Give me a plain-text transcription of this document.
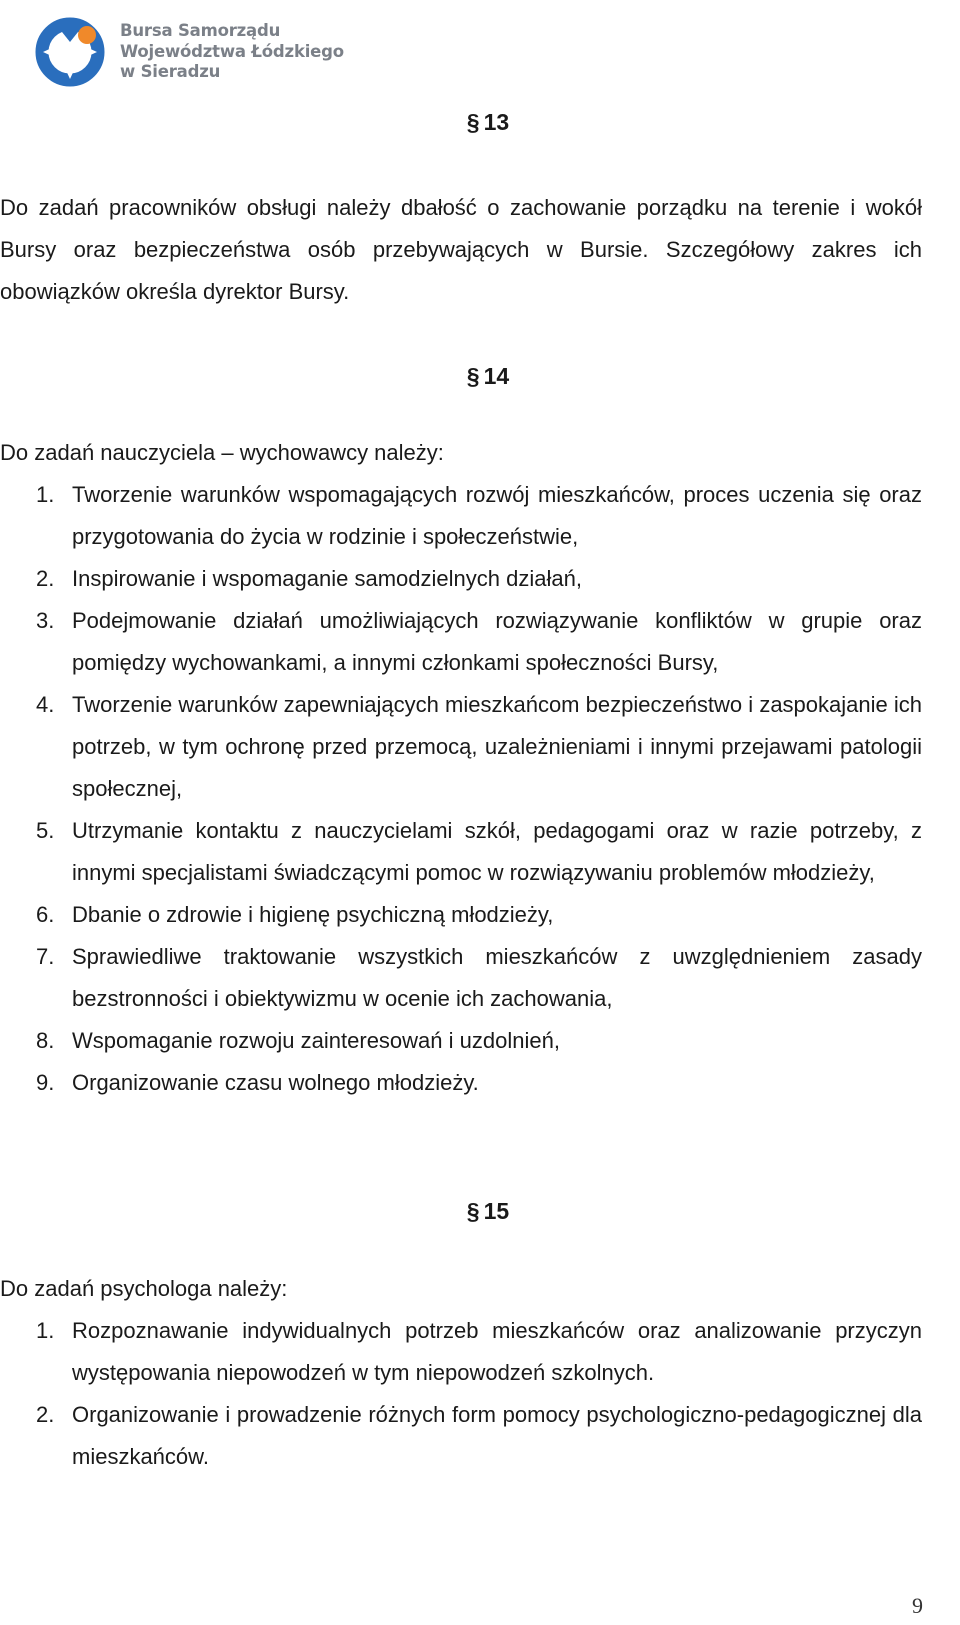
Bursa Samorządu
Województwa Łódzkiego
w Sieradzu
§ 13

Do zadań pracowników obsługi należy dbałość o zachowanie porządku na terenie i wokół Bursy oraz bezpieczeństwa osób przebywających w Bursie. Szczegółowy zakres ich obowiązków określa dyrektor Bursy.

§ 14

Do zadań nauczyciela – wychowawcy należy:

1. Tworzenie warunków wspomagających rozwój mieszkańców, proces uczenia się oraz przygotowania do życia w rodzinie i społeczeństwie,
2. Inspirowanie i wspomaganie samodzielnych działań,
3. Podejmowanie działań umożliwiających rozwiązywanie konfliktów w grupie oraz pomiędzy wychowankami, a innymi członkami społeczności Bursy,
4. Tworzenie warunków zapewniających mieszkańcom bezpieczeństwo i zaspokajanie ich potrzeb, w tym ochronę przed przemocą, uzależnieniami i innymi przejawami patologii społecznej,
5. Utrzymanie kontaktu z nauczycielami szkół, pedagogami oraz w razie potrzeby, z innymi specjalistami świadczącymi pomoc w rozwiązywaniu problemów młodzieży,
6. Dbanie o zdrowie i higienę psychiczną młodzieży,
7. Sprawiedliwe traktowanie wszystkich mieszkańców z uwzględnieniem zasady bezstronności i obiektywizmu w ocenie ich zachowania,
8. Wspomaganie rozwoju zainteresowań i uzdolnień,
9. Organizowanie czasu wolnego młodzieży.
§ 15

Do zadań psychologa należy:

1. Rozpoznawanie indywidualnych potrzeb mieszkańców oraz analizowanie przyczyn występowania niepowodzeń w tym niepowodzeń szkolnych.
2. Organizowanie i prowadzenie różnych form pomocy psychologiczno-pedagogicznej dla mieszkańców.
9
